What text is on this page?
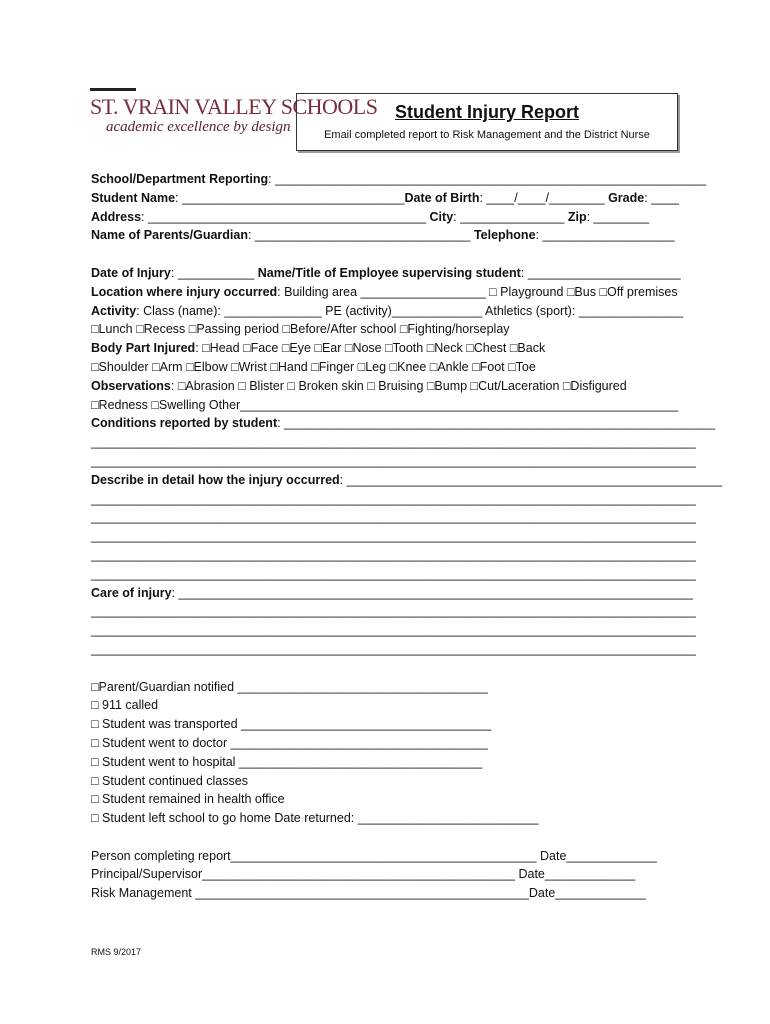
ST. VRAIN VALLEY SCHOOLS
academic excellence by design
Student Injury Report
Email completed report to Risk Management and the District Nurse
School/Department Reporting: ______________________________________________________________
Student Name: ________________________________Date of Birth: ____/____/________ Grade: ____
Address: ________________________________________ City: _______________ Zip: ________
Name of Parents/Guardian: _______________________________ Telephone: ___________________
Date of Injury: ___________ Name/Title of Employee supervising student: ______________________
Location where injury occurred: Building area __________________ □ Playground □Bus □Off premises
Activity: Class (name): ______________ PE (activity)_____________ Athletics (sport): _______________
□Lunch □Recess □Passing period □Before/After school □Fighting/horseplay
Body Part Injured: □Head □Face □Eye □Ear □Nose □Tooth □Neck □Chest □Back
□Shoulder □Arm □Elbow □Wrist □Hand □Finger □Leg □Knee □Ankle □Foot □Toe
Observations: □Abrasion □ Blister □ Broken skin □ Bruising □Bump □Cut/Laceration □Disfigured
□Redness □Swelling Other_______________________________________________________________
Conditions reported by student: ______________________________________________________________
_______________________________________________________________________________________
_______________________________________________________________________________________
Describe in detail how the injury occurred: ______________________________________________________
_______________________________________________________________________________________
_______________________________________________________________________________________
_______________________________________________________________________________________
_______________________________________________________________________________________
_______________________________________________________________________________________
Care of injury: __________________________________________________________________________
_______________________________________________________________________________________
_______________________________________________________________________________________
_______________________________________________________________________________________
□Parent/Guardian notified ____________________________________
□ 911 called
□ Student was transported ____________________________________
□ Student went to doctor _____________________________________
□ Student went to hospital ___________________________________
□ Student continued classes
□ Student remained in health office
□ Student left school to go home Date returned: __________________________
Person completing report____________________________________________ Date_____________
Principal/Supervisor_____________________________________________ Date_____________
Risk Management ________________________________________________Date_____________
RMS 9/2017
